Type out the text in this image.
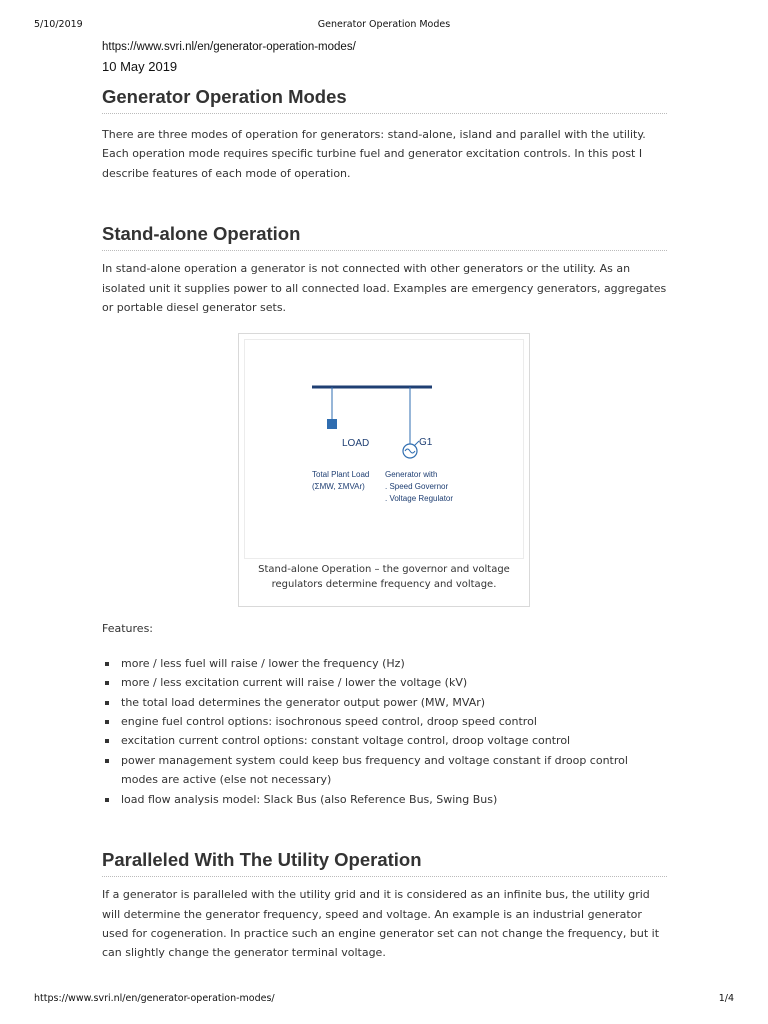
5/10/2019	Generator Operation Modes
https://www.svri.nl/en/generator-operation-modes/
10 May 2019
Generator Operation Modes

There are three modes of operation for generators: stand-alone, island and parallel with the utility. Each operation mode requires specific turbine fuel and generator excitation controls. In this post I describe features of each mode of operation.

Stand-alone Operation

In stand-alone operation a generator is not connected with other generators or the utility. As an isolated unit it supplies power to all connected load. Examples are emergency generators, aggregates or portable diesel generator sets.

LOAD	G1
Total Plant Load
(ΣMW, ΣMVAr)
Generator with
. Speed Governor
. Voltage Regulator
Stand-alone Operation – the governor and voltage regulators determine frequency and voltage.

Features:

more / less fuel will raise / lower the frequency (Hz)
more / less excitation current will raise / lower the voltage (kV)
the total load determines the generator output power (MW, MVAr)
engine fuel control options: isochronous speed control, droop speed control
excitation current control options: constant voltage control, droop voltage control
power management system could keep bus frequency and voltage constant if droop control modes are active (else not necessary)
load flow analysis model: Slack Bus (also Reference Bus, Swing Bus)
Paralleled With The Utility Operation

If a generator is paralleled with the utility grid and it is considered as an infinite bus, the utility grid will determine the generator frequency, speed and voltage. An example is an industrial generator used for cogeneration. In practice such an engine generator set can not change the frequency, but it can slightly change the generator terminal voltage.

https://www.svri.nl/en/generator-operation-modes/	1/4
